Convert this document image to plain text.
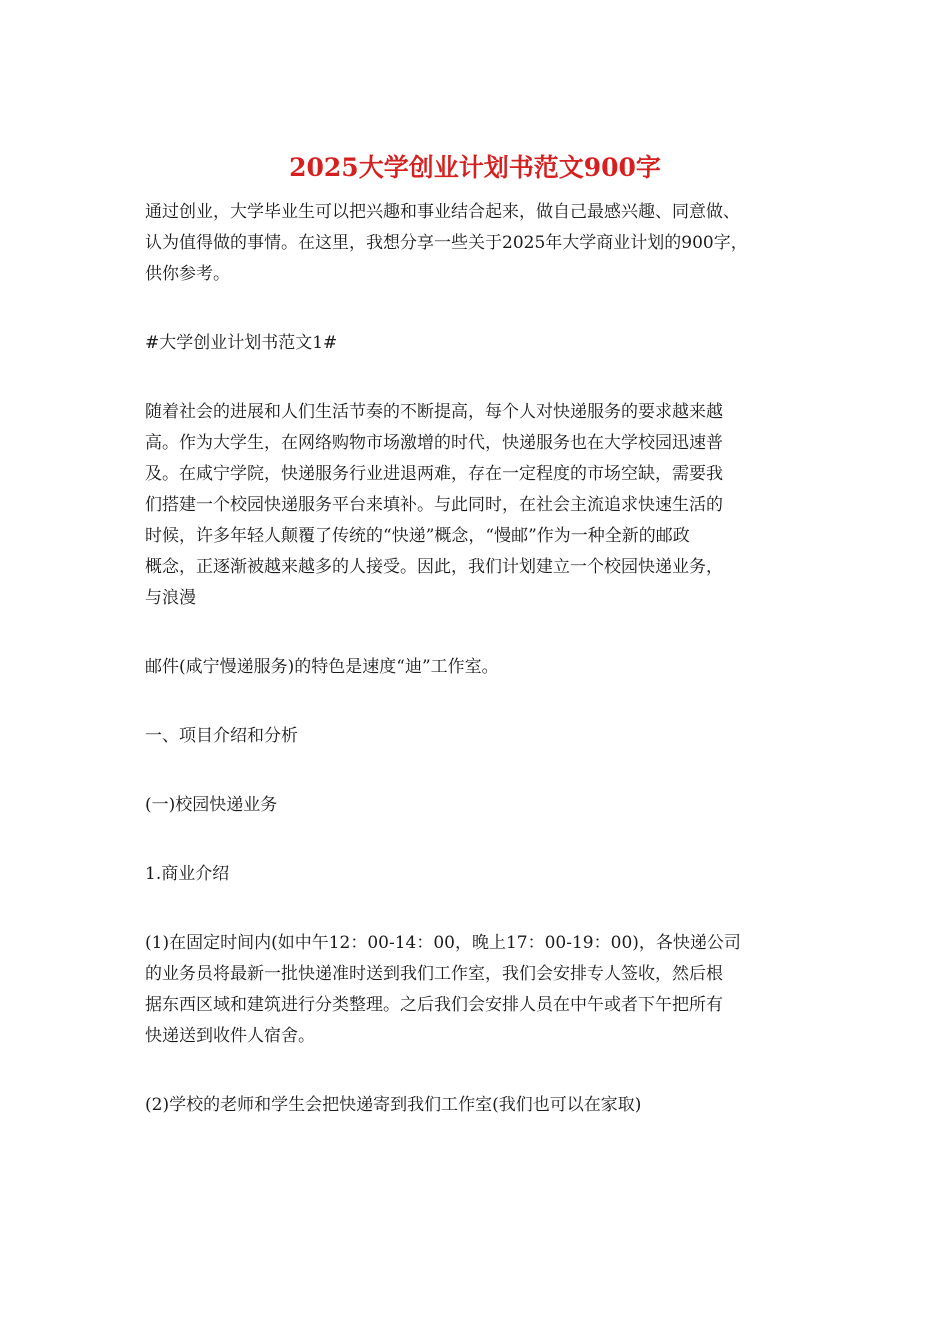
2025大学创业计划书范文900字
通过创业，大学毕业生可以把兴趣和事业结合起来，做自己最感兴趣、同意做、
认为值得做的事情。在这里，我想分享一些关于2025年大学商业计划的900字，
供你参考。
#大学创业计划书范文1#
随着社会的进展和人们生活节奏的不断提高，每个人对快递服务的要求越来越
高。作为大学生，在网络购物市场激增的时代，快递服务也在大学校园迅速普
及。在咸宁学院，快递服务行业进退两难，存在一定程度的市场空缺，需要我
们搭建一个校园快递服务平台来填补。与此同时，在社会主流追求快速生活的
时候，许多年轻人颠覆了传统的“快递”概念，“慢邮”作为一种全新的邮政
概念，正逐渐被越来越多的人接受。因此，我们计划建立一个校园快递业务，
与浪漫
邮件(咸宁慢递服务)的特色是速度“迪”工作室。
一、项目介绍和分析
(一)校园快递业务
1.商业介绍
(1)在固定时间内(如中午12：00-14：00，晚上17：00-19：00)，各快递公司
的业务员将最新一批快递准时送到我们工作室，我们会安排专人签收，然后根
据东西区域和建筑进行分类整理。之后我们会安排人员在中午或者下午把所有
快递送到收件人宿舍。
(2)学校的老师和学生会把快递寄到我们工作室(我们也可以在家取)
